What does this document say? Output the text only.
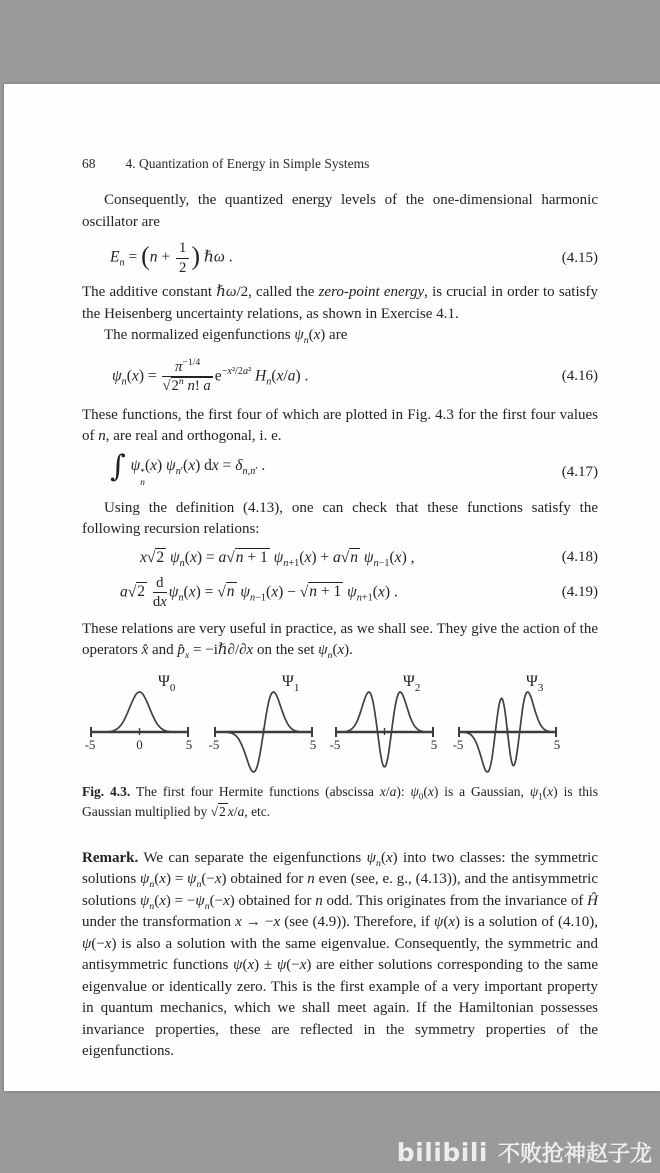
68 4. Quantization of Energy in Simple Systems

Consequently, the quantized energy levels of the one-dimensional harmonic oscillator are

$E_n = (n + \frac{1}{2}$ ) ℏω .	(4.15)

The additive constant ℏω/2, called the zero-point energy, is crucial in order to satisfy the Heisenberg uncertainty relations, as shown in Exercise 4.1.

The normalized eigenfunctions $\psi_n(x)$ are

$\psi_n(x) = \frac{\pi^{-1/4}}{√2^n n! a} e^{-x^2/2a^2}$ $H_n(x/a)$ .	(4.16)

These functions, the first four of which are plotted in Fig. 4.3 for the first four values of n, are real and orthogonal, i. e.

∫ ψ *
n
(x) $\psi_{n'}(x)$ dx = $\delta_{n,n'}$ .	(4.17)

Using the definition (4.13), one can check that these functions satisfy the following recursion relations:

x√2 $\psi_n(x) = a√n + 1$ $\psi_{n+1}(x) + a√n$ $\psi_{n-1}(x)$ ,	(4.18)
$a√2 \frac{d}{dx} \psi_n(x) = √n$ $\psi_{n-1}(x) - √n + 1$ $\psi_{n+1}(x)$ .	(4.19)

These relations are very useful in practice, as we shall see. They give the action of the operators x̂ and $p̂_x$ = −iℏ∂/∂x on the set $\psi_n(x)$.

-5	0	5
$\Psi_0$
-5	5
$\Psi_1$
-5	5
$\Psi_2$
-5	5
$\Psi_3$

Fig. 4.3. The first four Hermite functions (abscissa x/a): $\psi_0(x)$ is a Gaussian, $\psi_1(x)$ is this Gaussian multiplied by √2 x/a, etc.

Remark. We can separate the eigenfunctions $\psi_n(x)$ into two classes: the symmetric solutions $\psi_n(x) = \psi_n(-x)$ obtained for n even (see, e. g., (4.13)), and the antisymmetric solutions $\psi_n(x) = -\psi_n(-x)$ obtained for n odd. This originates from the invariance of Ĥ under the transformation x → −x (see (4.9)). Therefore, if ψ(x) is a solution of (4.10), ψ(−x) is also a solution with the same eigenvalue. Consequently, the symmetric and antisymmetric functions ψ(x) ± ψ(−x) are either solutions corresponding to the same eigenvalue or identically zero. This is the first example of a very important property in quantum mechanics, which we shall meet again. If the Hamiltonian possesses invariance properties, these are reflected in the symmetry properties of the eigenfunctions.

bilibili 不败抢神赵子龙
